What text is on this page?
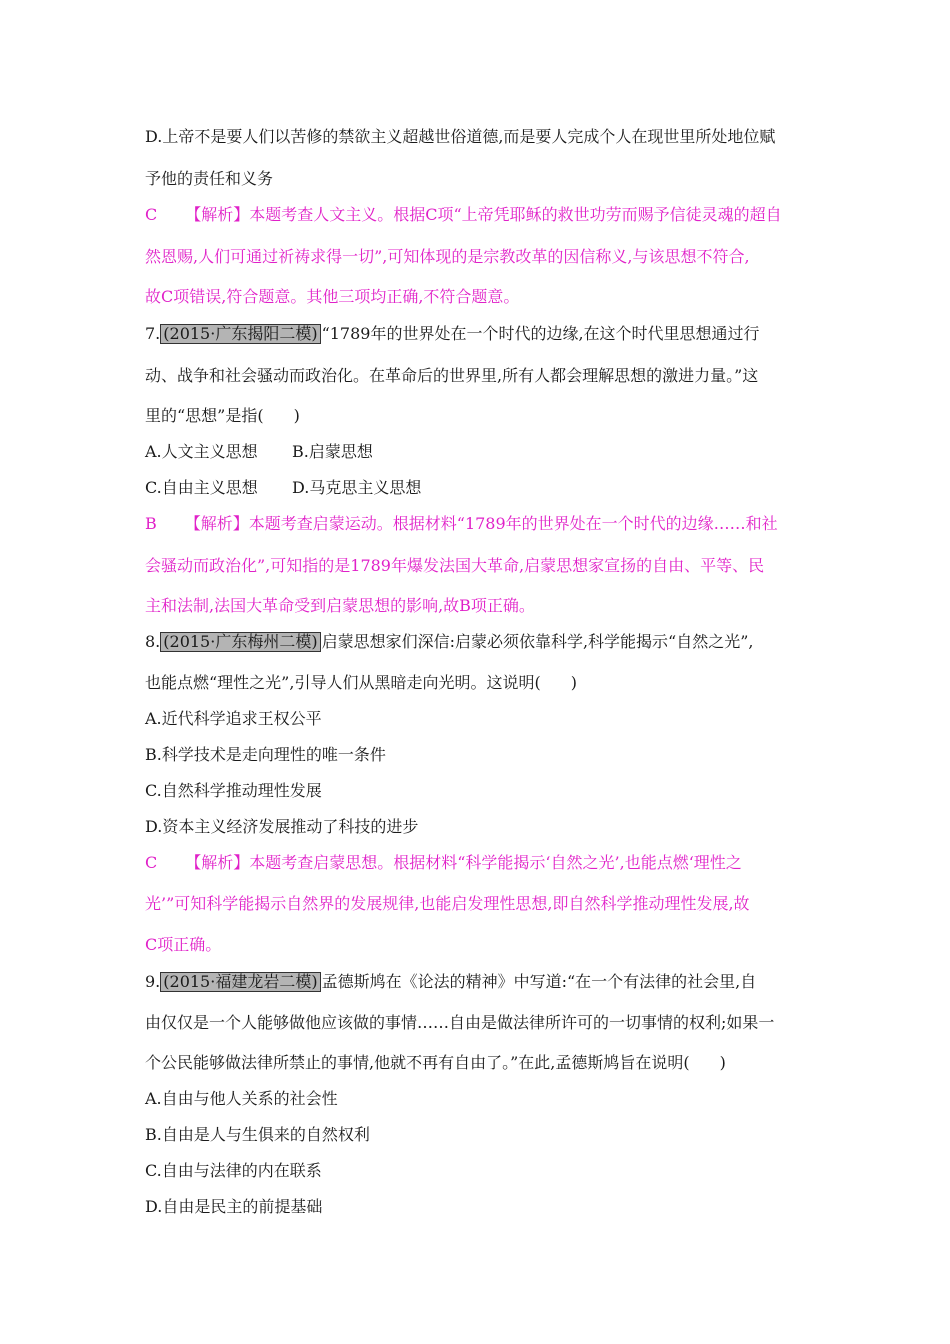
D.上帝不是要人们以苦修的禁欲主义超越世俗道德,而是要人完成个人在现世里所处地位赋
予他的责任和义务
C 【解析】本题考查人文主义。根据C项“上帝凭耶稣的救世功劳而赐予信徒灵魂的超自
然恩赐,人们可通过祈祷求得一切”,可知体现的是宗教改革的因信称义,与该思想不符合,
故C项错误,符合题意。其他三项均正确,不符合题意。
7. (2015·广东揭阳二模) “1789年的世界处在一个时代的边缘,在这个时代里思想通过行
动、战争和社会骚动而政治化。在革命后的世界里,所有人都会理解思想的激进力量。”这
里的“思想”是指( )
A.人文主义思想 B.启蒙思想
C.自由主义思想 D.马克思主义思想
B 【解析】本题考查启蒙运动。根据材料“1789年的世界处在一个时代的边缘……和社
会骚动而政治化”,可知指的是1789年爆发法国大革命,启蒙思想家宣扬的自由、平等、民
主和法制,法国大革命受到启蒙思想的影响,故B项正确。
8. (2015·广东梅州二模) 启蒙思想家们深信:启蒙必须依靠科学,科学能揭示“自然之光”,
也能点燃“理性之光”,引导人们从黑暗走向光明。这说明( )
A.近代科学追求王权公平
B.科学技术是走向理性的唯一条件
C.自然科学推动理性发展
D.资本主义经济发展推动了科技的进步
C 【解析】本题考查启蒙思想。根据材料“科学能揭示‘自然之光’,也能点燃‘理性之
光’”可知科学能揭示自然界的发展规律,也能启发理性思想,即自然科学推动理性发展,故
C项正确。
9. (2015·福建龙岩二模) 孟德斯鸠在《论法的精神》中写道:“在一个有法律的社会里,自
由仅仅是一个人能够做他应该做的事情……自由是做法律所许可的一切事情的权利;如果一
个公民能够做法律所禁止的事情,他就不再有自由了。”在此,孟德斯鸠旨在说明( )
A.自由与他人关系的社会性
B.自由是人与生俱来的自然权利
C.自由与法律的内在联系
D.自由是民主的前提基础
